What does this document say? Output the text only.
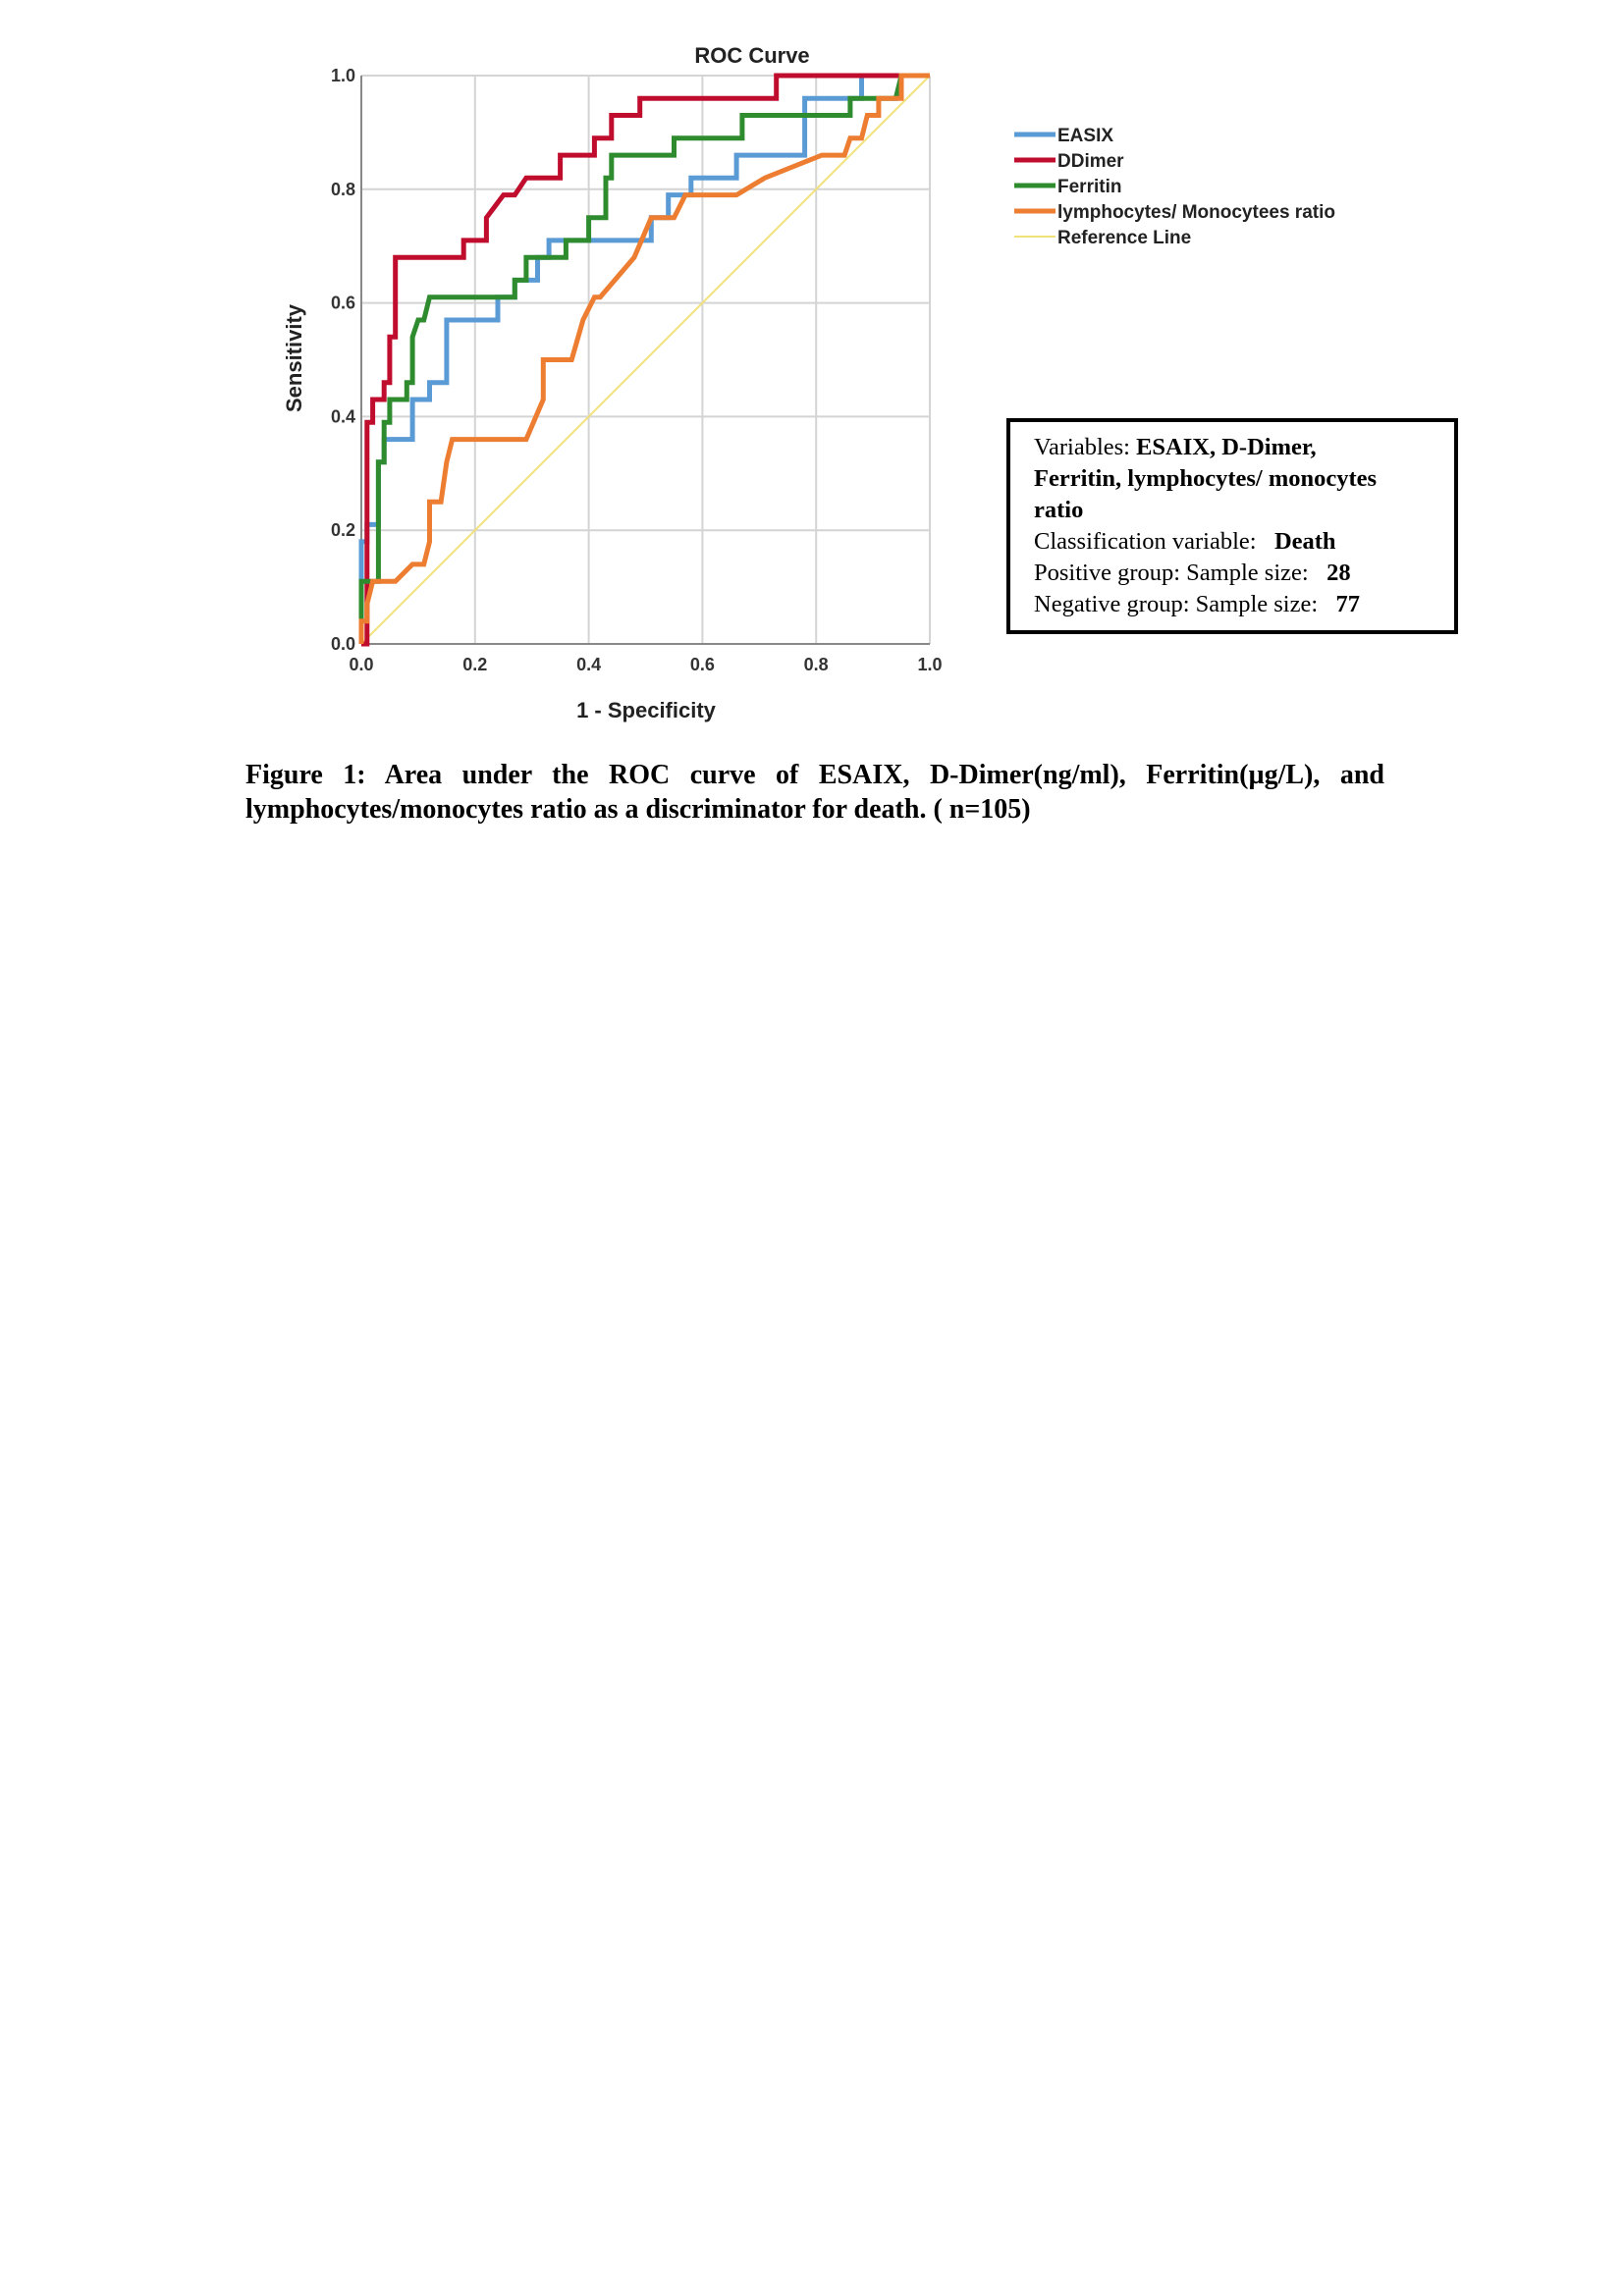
ROC Curve
0.0	0.2	0.4	0.6	0.8	1.0
0.0
0.2
0.4
0.6
0.8
1.0
1 - Specificity
Sensitivity
EASIX
DDimer
Ferritin
lymphocytes/ Monocytees ratio
Reference Line
Variables: ESAIX, D-Dimer,
Ferritin, lymphocytes/ monocytes
ratio
Classification variable: Death
Positive group: Sample size: 28
Negative group: Sample size: 77
Figure 1: Area under the ROC curve of ESAIX, D-Dimer(ng/ml), Ferritin(µg/L), and
lymphocytes/monocytes ratio as a discriminator for death. ( n=105)
